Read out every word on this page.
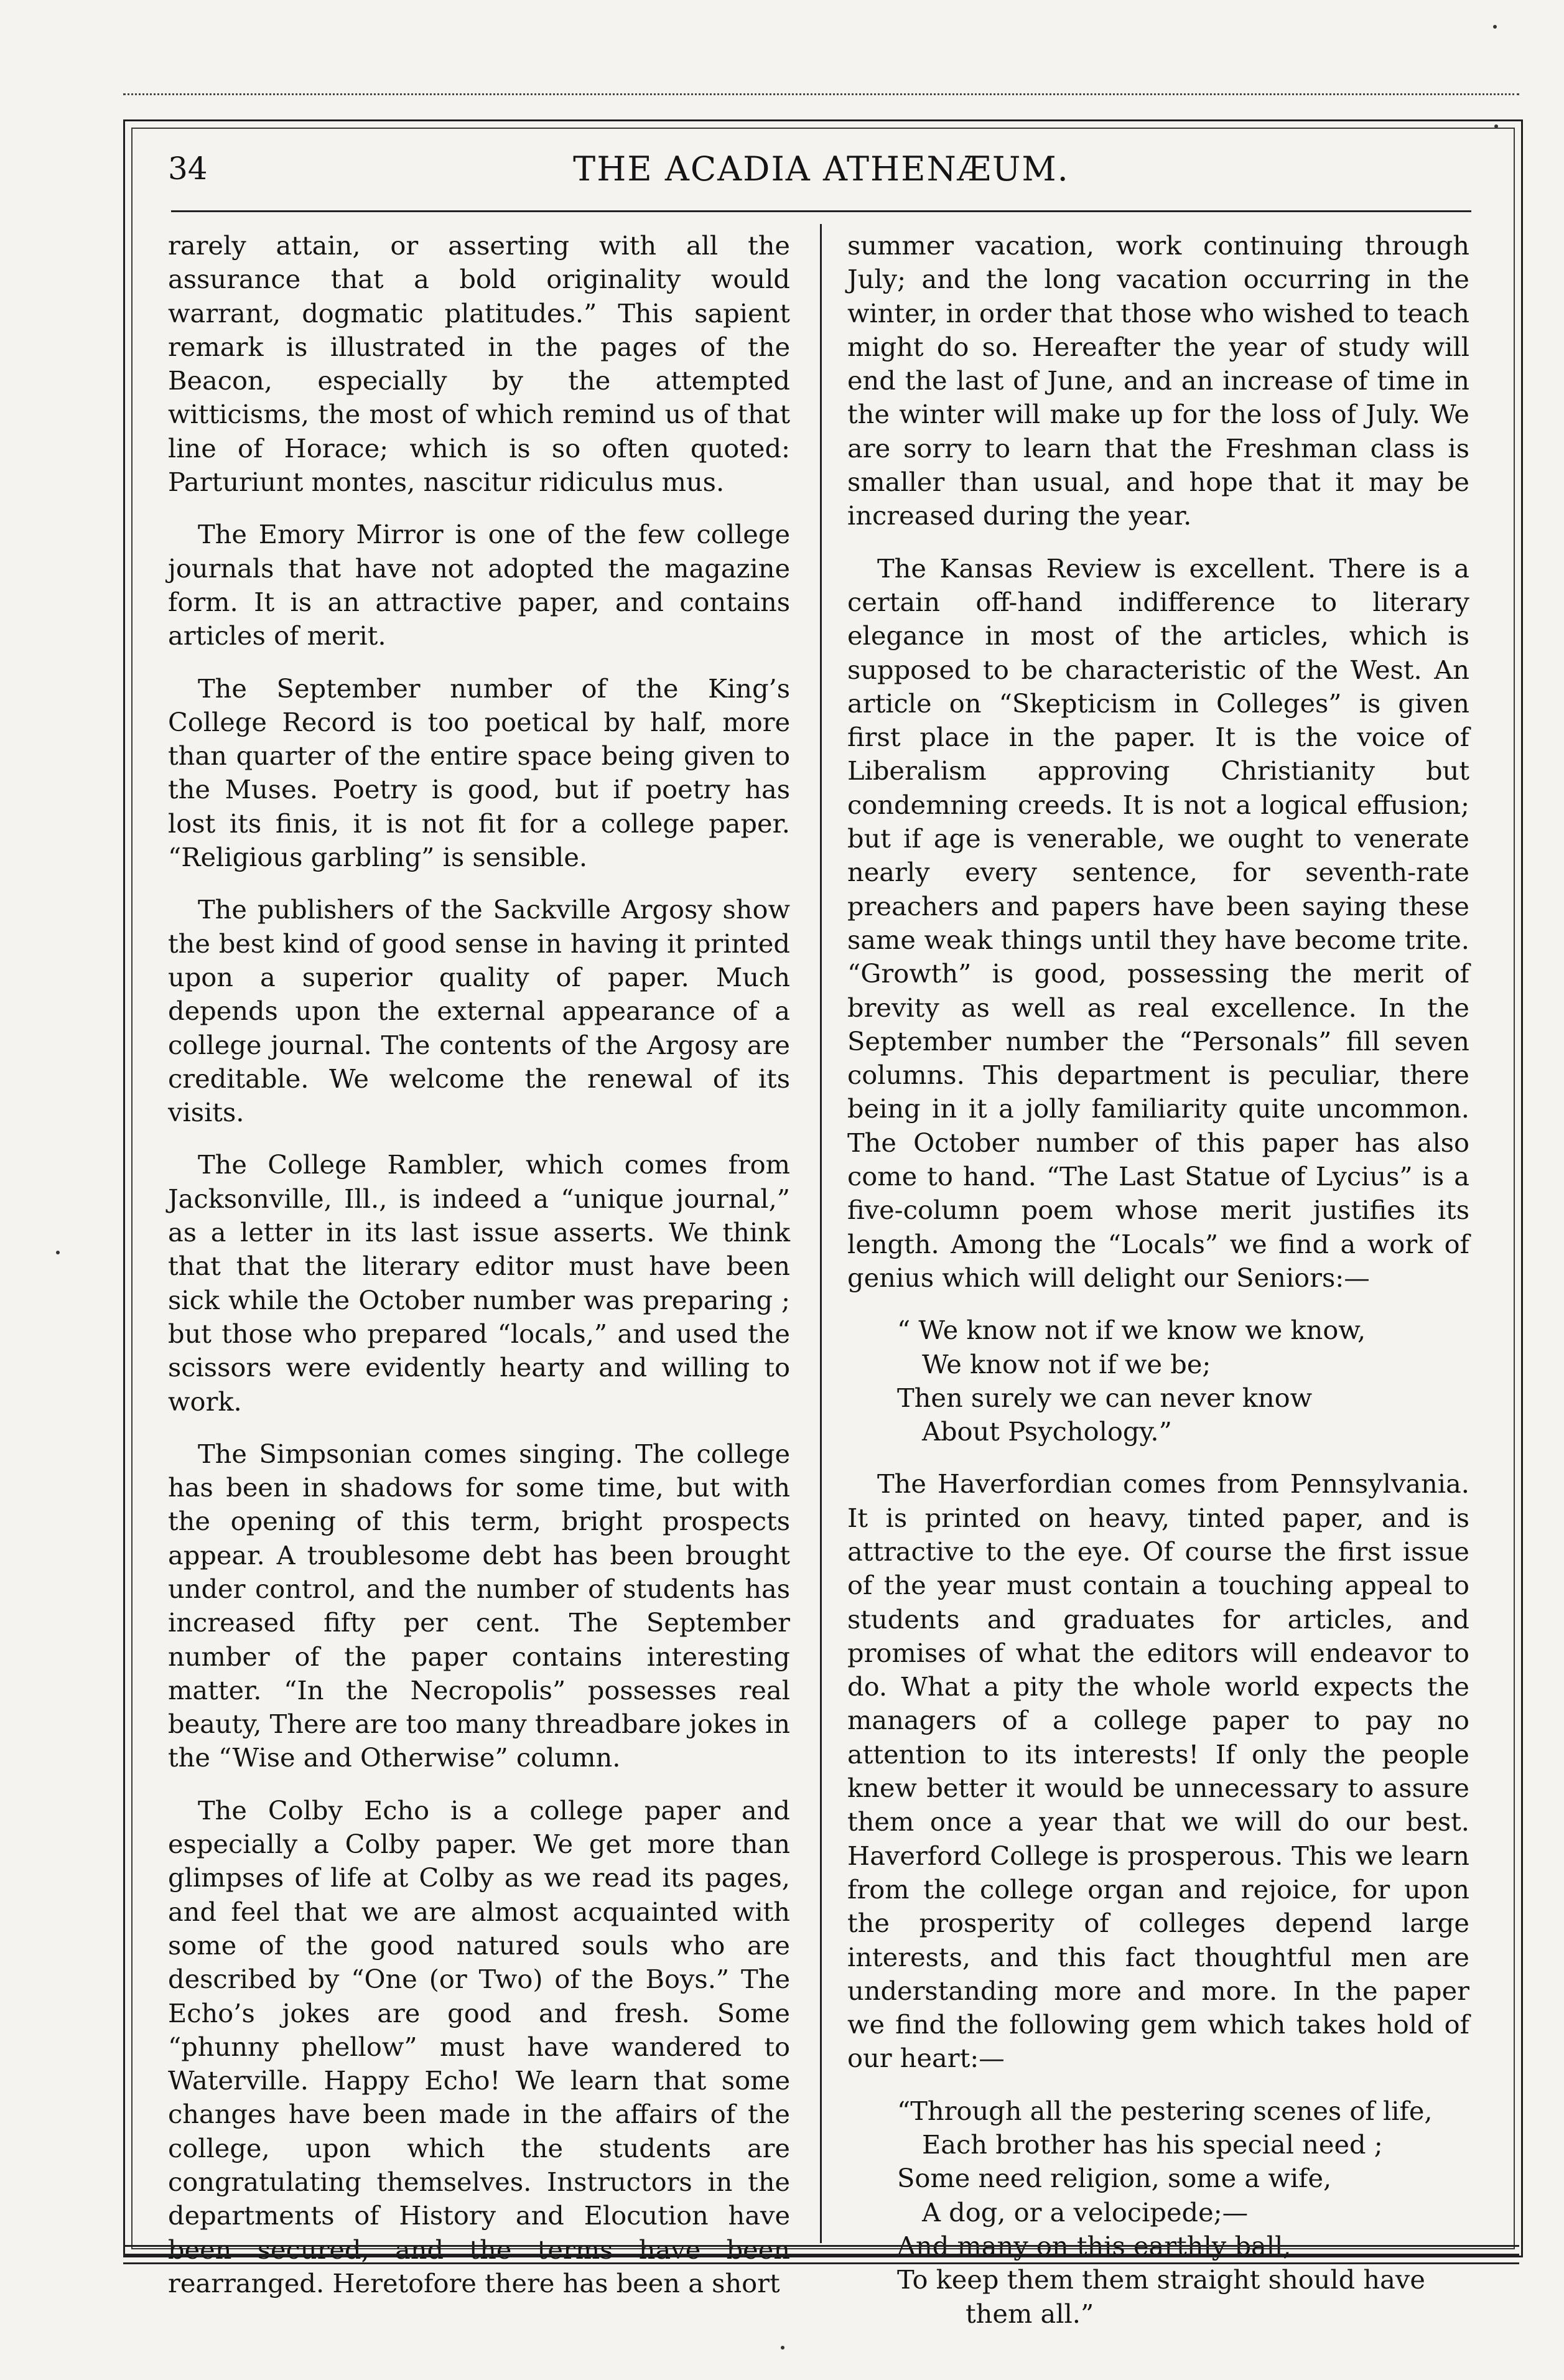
34	THE ACADIA ATHENÆUM.

rarely attain, or asserting with all the assurance that a bold originality would warrant, dogmatic platitudes.” This sapient remark is illustrated in the pages of the Beacon, especially by the attempted witticisms, the most of which remind us of that line of Horace; which is so often quoted: Parturiunt montes, nascitur ridiculus mus.

The Emory Mirror is one of the few college journals that have not adopted the magazine form. It is an attractive paper, and contains articles of merit.

The September number of the King’s College Record is too poetical by half, more than quarter of the entire space being given to the Muses. Poetry is good, but if poetry has lost its finis, it is not fit for a college paper. “Religious garbling” is sensible.

The publishers of the Sackville Argosy show the best kind of good sense in having it printed upon a superior quality of paper. Much depends upon the external appearance of a college journal. The contents of the Argosy are creditable. We welcome the renewal of its visits.

The College Rambler, which comes from Jacksonville, Ill., is indeed a “unique journal,” as a letter in its last issue asserts. We think that that the literary editor must have been sick while the October number was preparing ; but those who prepared “locals,” and used the scissors were evidently hearty and willing to work.

The Simpsonian comes singing. The college has been in shadows for some time, but with the opening of this term, bright prospects appear. A troublesome debt has been brought under control, and the number of students has increased fifty per cent. The September number of the paper contains interesting matter. “In the Necropolis” possesses real beauty, There are too many threadbare jokes in the “Wise and Otherwise” column.

The Colby Echo is a college paper and especially a Colby paper. We get more than glimpses of life at Colby as we read its pages, and feel that we are almost acquainted with some of the good natured souls who are described by “One (or Two) of the Boys.” The Echo’s jokes are good and fresh. Some “phunny phellow” must have wandered to Waterville. Happy Echo! We learn that some changes have been made in the affairs of the college, upon which the students are congratulating themselves. Instructors in the departments of History and Elocution have been secured, and the terms have been rearranged. Heretofore there has been a short

summer vacation, work continuing through July; and the long vacation occurring in the winter, in order that those who wished to teach might do so. Hereafter the year of study will end the last of June, and an increase of time in the winter will make up for the loss of July. We are sorry to learn that the Freshman class is smaller than usual, and hope that it may be increased during the year.

The Kansas Review is excellent. There is a certain off-hand indifference to literary elegance in most of the articles, which is supposed to be characteristic of the West. An article on “Skepticism in Colleges” is given first place in the paper. It is the voice of Liberalism approving Christianity but condemning creeds. It is not a logical effusion; but if age is venerable, we ought to venerate nearly every sentence, for seventh-rate preachers and papers have been saying these same weak things until they have become trite. “Growth” is good, possessing the merit of brevity as well as real excellence. In the September number the “Personals” fill seven columns. This department is peculiar, there being in it a jolly familiarity quite uncommon. The October number of this paper has also come to hand. “The Last Statue of Lycius” is a five-column poem whose merit justifies its length. Among the “Locals” we find a work of genius which will delight our Seniors:—

“ We know not if we know we know,
We know not if we be;
Then surely we can never know
About Psychology.”

The Haverfordian comes from Pennsylvania. It is printed on heavy, tinted paper, and is attractive to the eye. Of course the first issue of the year must contain a touching appeal to students and graduates for articles, and promises of what the editors will endeavor to do. What a pity the whole world expects the managers of a college paper to pay no attention to its interests! If only the people knew better it would be unnecessary to assure them once a year that we will do our best. Haverford College is prosperous. This we learn from the college organ and rejoice, for upon the prosperity of colleges depend large interests, and this fact thoughtful men are understanding more and more. In the paper we find the following gem which takes hold of our heart:—

“Through all the pestering scenes of life,
Each brother has his special need ;
Some need religion, some a wife,
A dog, or a velocipede;—
And many on this earthly ball,
To keep them them straight should have
them all.”
